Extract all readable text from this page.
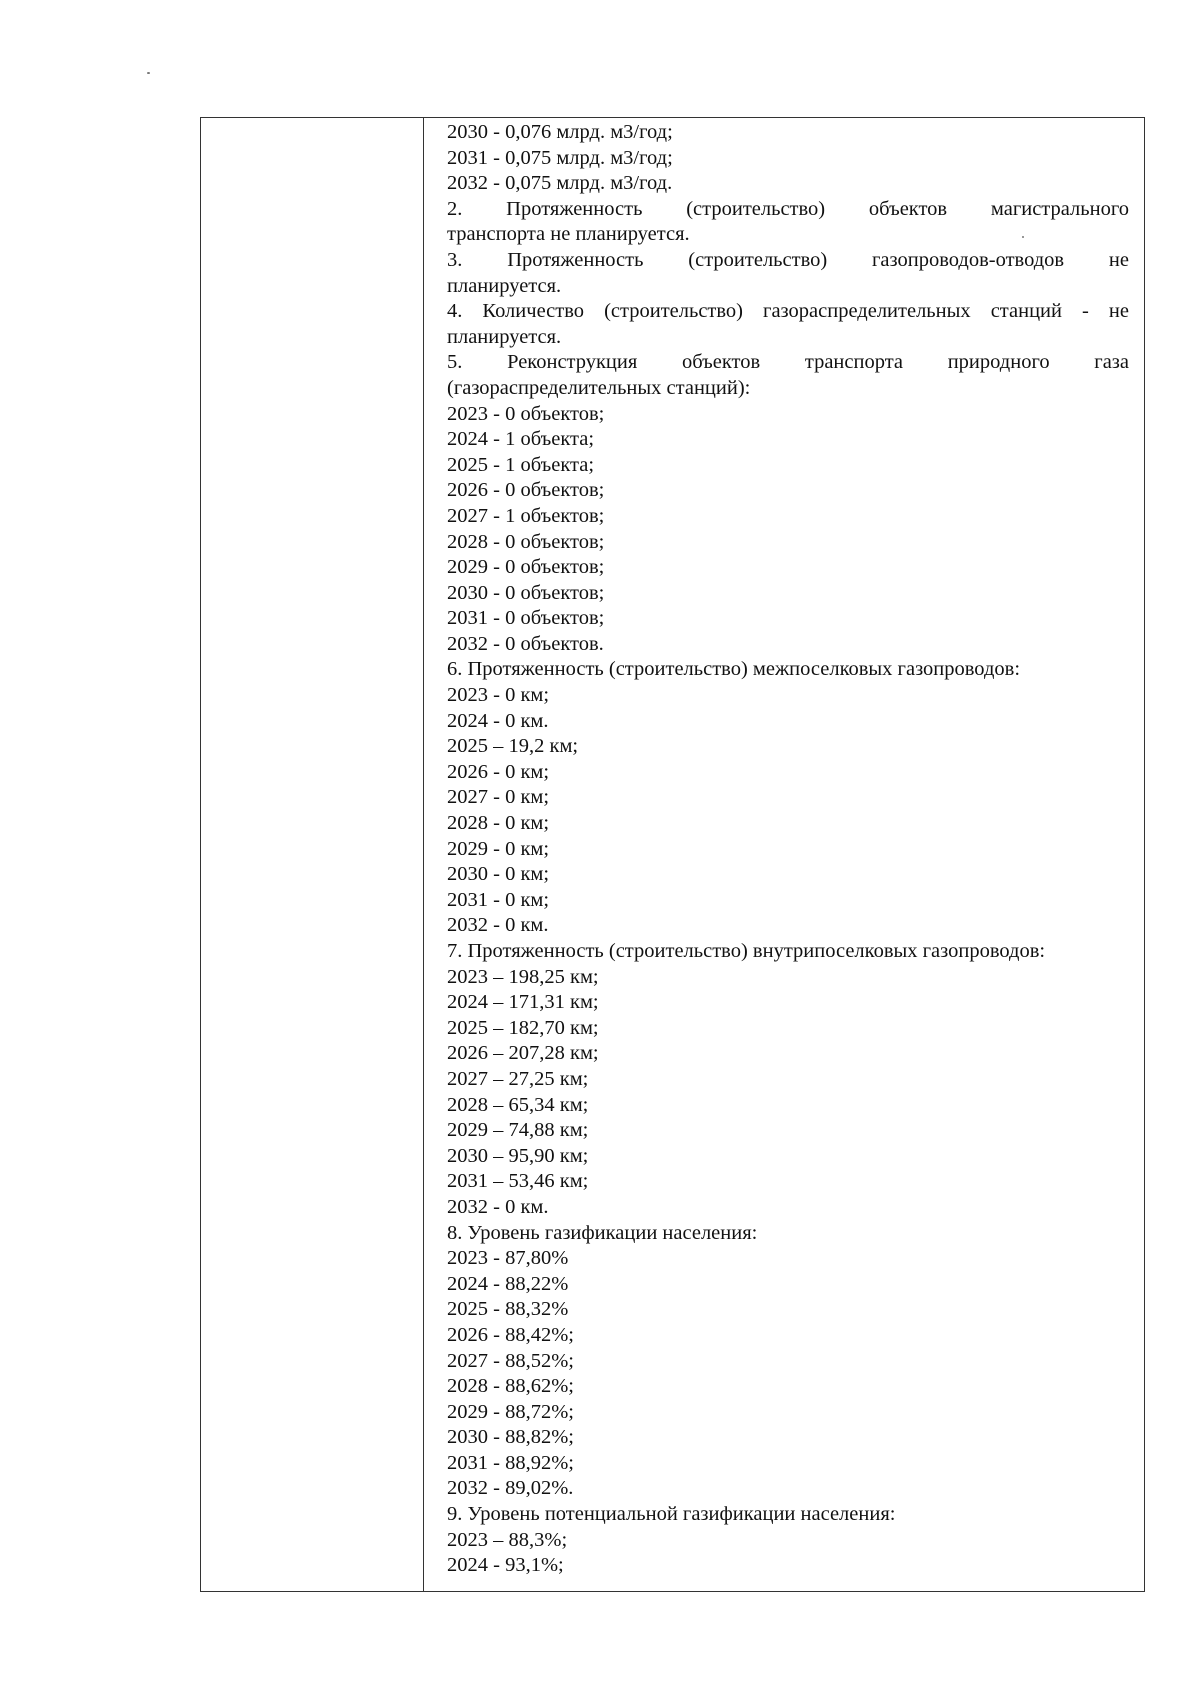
2030 - 0,076 млрд. м3/год;
2031 - 0,075 млрд. м3/год;
2032 - 0,075 млрд. м3/год.
2. Протяженность (строительство) объектов магистрального
транспорта не планируется.
3. Протяженность (строительство) газопроводов-отводов не
планируется.
4. Количество (строительство) газораспределительных станций - не
планируется.
5. Реконструкция объектов транспорта природного газа
(газораспределительных станций):
2023 - 0 объектов;
2024 - 1 объекта;
2025 - 1 объекта;
2026 - 0 объектов;
2027 - 1 объектов;
2028 - 0 объектов;
2029 - 0 объектов;
2030 - 0 объектов;
2031 - 0 объектов;
2032 - 0 объектов.
6. Протяженность (строительство) межпоселковых газопроводов:
2023 - 0 км;
2024 - 0 км.
2025 – 19,2 км;
2026 - 0 км;
2027 - 0 км;
2028 - 0 км;
2029 - 0 км;
2030 - 0 км;
2031 - 0 км;
2032 - 0 км.
7. Протяженность (строительство) внутрипоселковых газопроводов:
2023 – 198,25 км;
2024 – 171,31 км;
2025 – 182,70 км;
2026 – 207,28 км;
2027 – 27,25 км;
2028 – 65,34 км;
2029 – 74,88 км;
2030 – 95,90 км;
2031 – 53,46 км;
2032 - 0 км.
8. Уровень газификации населения:
2023 - 87,80%
2024 - 88,22%
2025 - 88,32%
2026 - 88,42%;
2027 - 88,52%;
2028 - 88,62%;
2029 - 88,72%;
2030 - 88,82%;
2031 - 88,92%;
2032 - 89,02%.
9. Уровень потенциальной газификации населения:
2023 – 88,3%;
2024 - 93,1%;
